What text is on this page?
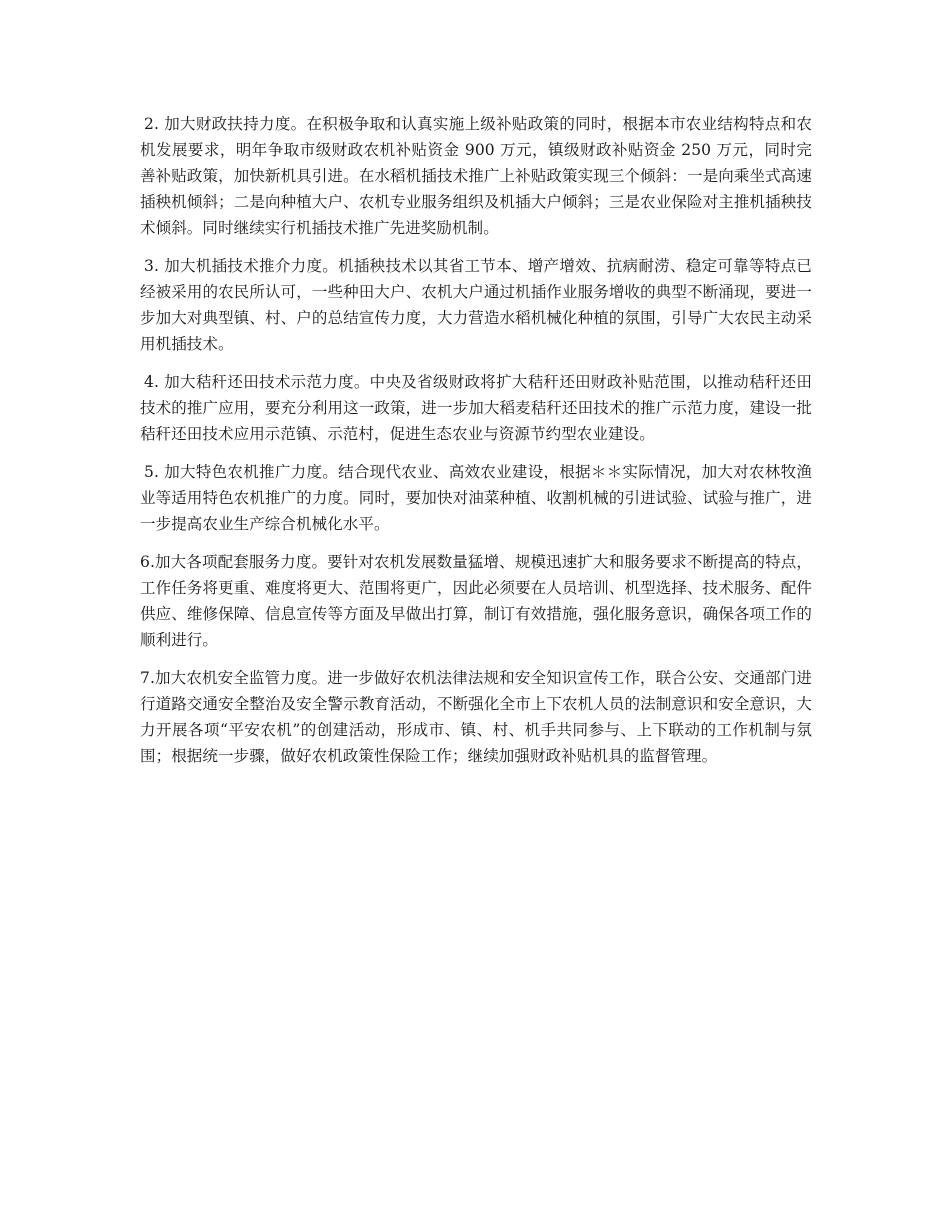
2. 加大财政扶持力度。在积极争取和认真实施上级补贴政策的同时，根据本市农业结构特点和农机发展要求，明年争取市级财政农机补贴资金 900 万元，镇级财政补贴资金 250 万元，同时完善补贴政策，加快新机具引进。在水稻机插技术推广上补贴政策实现三个倾斜：一是向乘坐式高速插秧机倾斜；二是向种植大户、农机专业服务组织及机插大户倾斜；三是农业保险对主推机插秧技术倾斜。同时继续实行机插技术推广先进奖励机制。

3. 加大机插技术推介力度。机插秧技术以其省工节本、增产增效、抗病耐涝、稳定可靠等特点已经被采用的农民所认可，一些种田大户、农机大户通过机插作业服务增收的典型不断涌现，要进一步加大对典型镇、村、户的总结宣传力度，大力营造水稻机械化种植的氛围，引导广大农民主动采用机插技术。

4. 加大秸秆还田技术示范力度。中央及省级财政将扩大秸秆还田财政补贴范围，以推动秸秆还田技术的推广应用，要充分利用这一政策，进一步加大稻麦秸秆还田技术的推广示范力度，建设一批秸秆还田技术应用示范镇、示范村，促进生态农业与资源节约型农业建设。

5. 加大特色农机推广力度。结合现代农业、高效农业建设，根据＊＊实际情况，加大对农林牧渔业等适用特色农机推广的力度。同时，要加快对油菜种植、收割机械的引进试验、试验与推广，进一步提高农业生产综合机械化水平。

6.加大各项配套服务力度。要针对农机发展数量猛增、规模迅速扩大和服务要求不断提高的特点，工作任务将更重、难度将更大、范围将更广，因此必须要在人员培训、机型选择、技术服务、配件供应、维修保障、信息宣传等方面及早做出打算，制订有效措施，强化服务意识，确保各项工作的顺利进行。

7.加大农机安全监管力度。进一步做好农机法律法规和安全知识宣传工作，联合公安、交通部门进行道路交通安全整治及安全警示教育活动，不断强化全市上下农机人员的法制意识和安全意识，大力开展各项“平安农机”的创建活动，形成市、镇、村、机手共同参与、上下联动的工作机制与氛围；根据统一步骤，做好农机政策性保险工作；继续加强财政补贴机具的监督管理。
